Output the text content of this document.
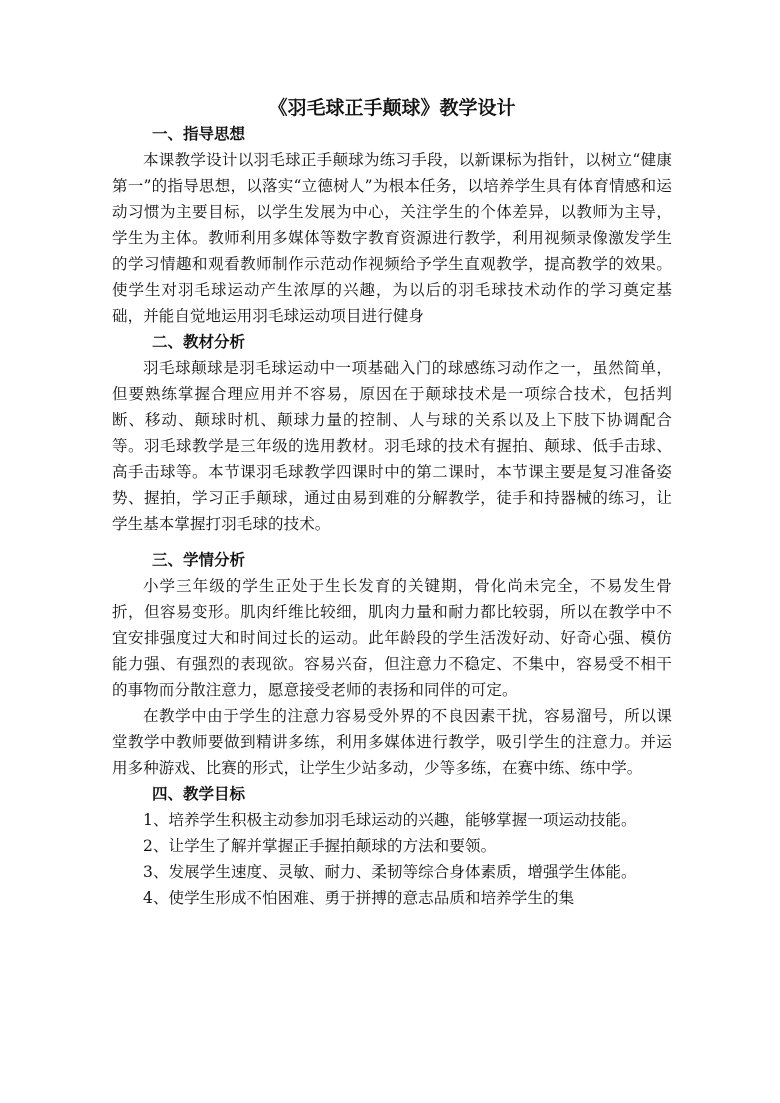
《羽毛球正手颠球》教学设计
一、指导思想

本课教学设计以羽毛球正手颠球为练习手段，以新课标为指针，以树立“健康第一”的指导思想，以落实“立德树人”为根本任务，以培养学生具有体育情感和运动习惯为主要目标，以学生发展为中心，关注学生的个体差异，以教师为主导，学生为主体。教师利用多媒体等数字教育资源进行教学，利用视频录像激发学生的学习情趣和观看教师制作示范动作视频给予学生直观教学，提高教学的效果。使学生对羽毛球运动产生浓厚的兴趣，为以后的羽毛球技术动作的学习奠定基础，并能自觉地运用羽毛球运动项目进行健身

二、教材分析

羽毛球颠球是羽毛球运动中一项基础入门的球感练习动作之一，虽然简单，但要熟练掌握合理应用并不容易，原因在于颠球技术是一项综合技术，包括判断、移动、颠球时机、颠球力量的控制、人与球的关系以及上下肢下协调配合等。羽毛球教学是三年级的选用教材。羽毛球的技术有握拍、颠球、低手击球、高手击球等。本节课羽毛球教学四课时中的第二课时，本节课主要是复习准备姿势、握拍，学习正手颠球，通过由易到难的分解教学，徒手和持器械的练习，让学生基本掌握打羽毛球的技术。

三、学情分析

小学三年级的学生正处于生长发育的关键期，骨化尚未完全，不易发生骨折，但容易变形。肌肉纤维比较细，肌肉力量和耐力都比较弱，所以在教学中不宜安排强度过大和时间过长的运动。此年龄段的学生活泼好动、好奇心强、模仿能力强、有强烈的表现欲。容易兴奋，但注意力不稳定、不集中，容易受不相干的事物而分散注意力，愿意接受老师的表扬和同伴的可定。

在教学中由于学生的注意力容易受外界的不良因素干扰，容易溜号，所以课堂教学中教师要做到精讲多练，利用多媒体进行教学，吸引学生的注意力。并运用多种游戏、比赛的形式，让学生少站多动，少等多练，在赛中练、练中学。

四、教学目标

1、培养学生积极主动参加羽毛球运动的兴趣，能够掌握一项运动技能。

2、让学生了解并掌握正手握拍颠球的方法和要领。

3、发展学生速度、灵敏、耐力、柔韧等综合身体素质，增强学生体能。

4、使学生形成不怕困难、勇于拼搏的意志品质和培养学生的集
